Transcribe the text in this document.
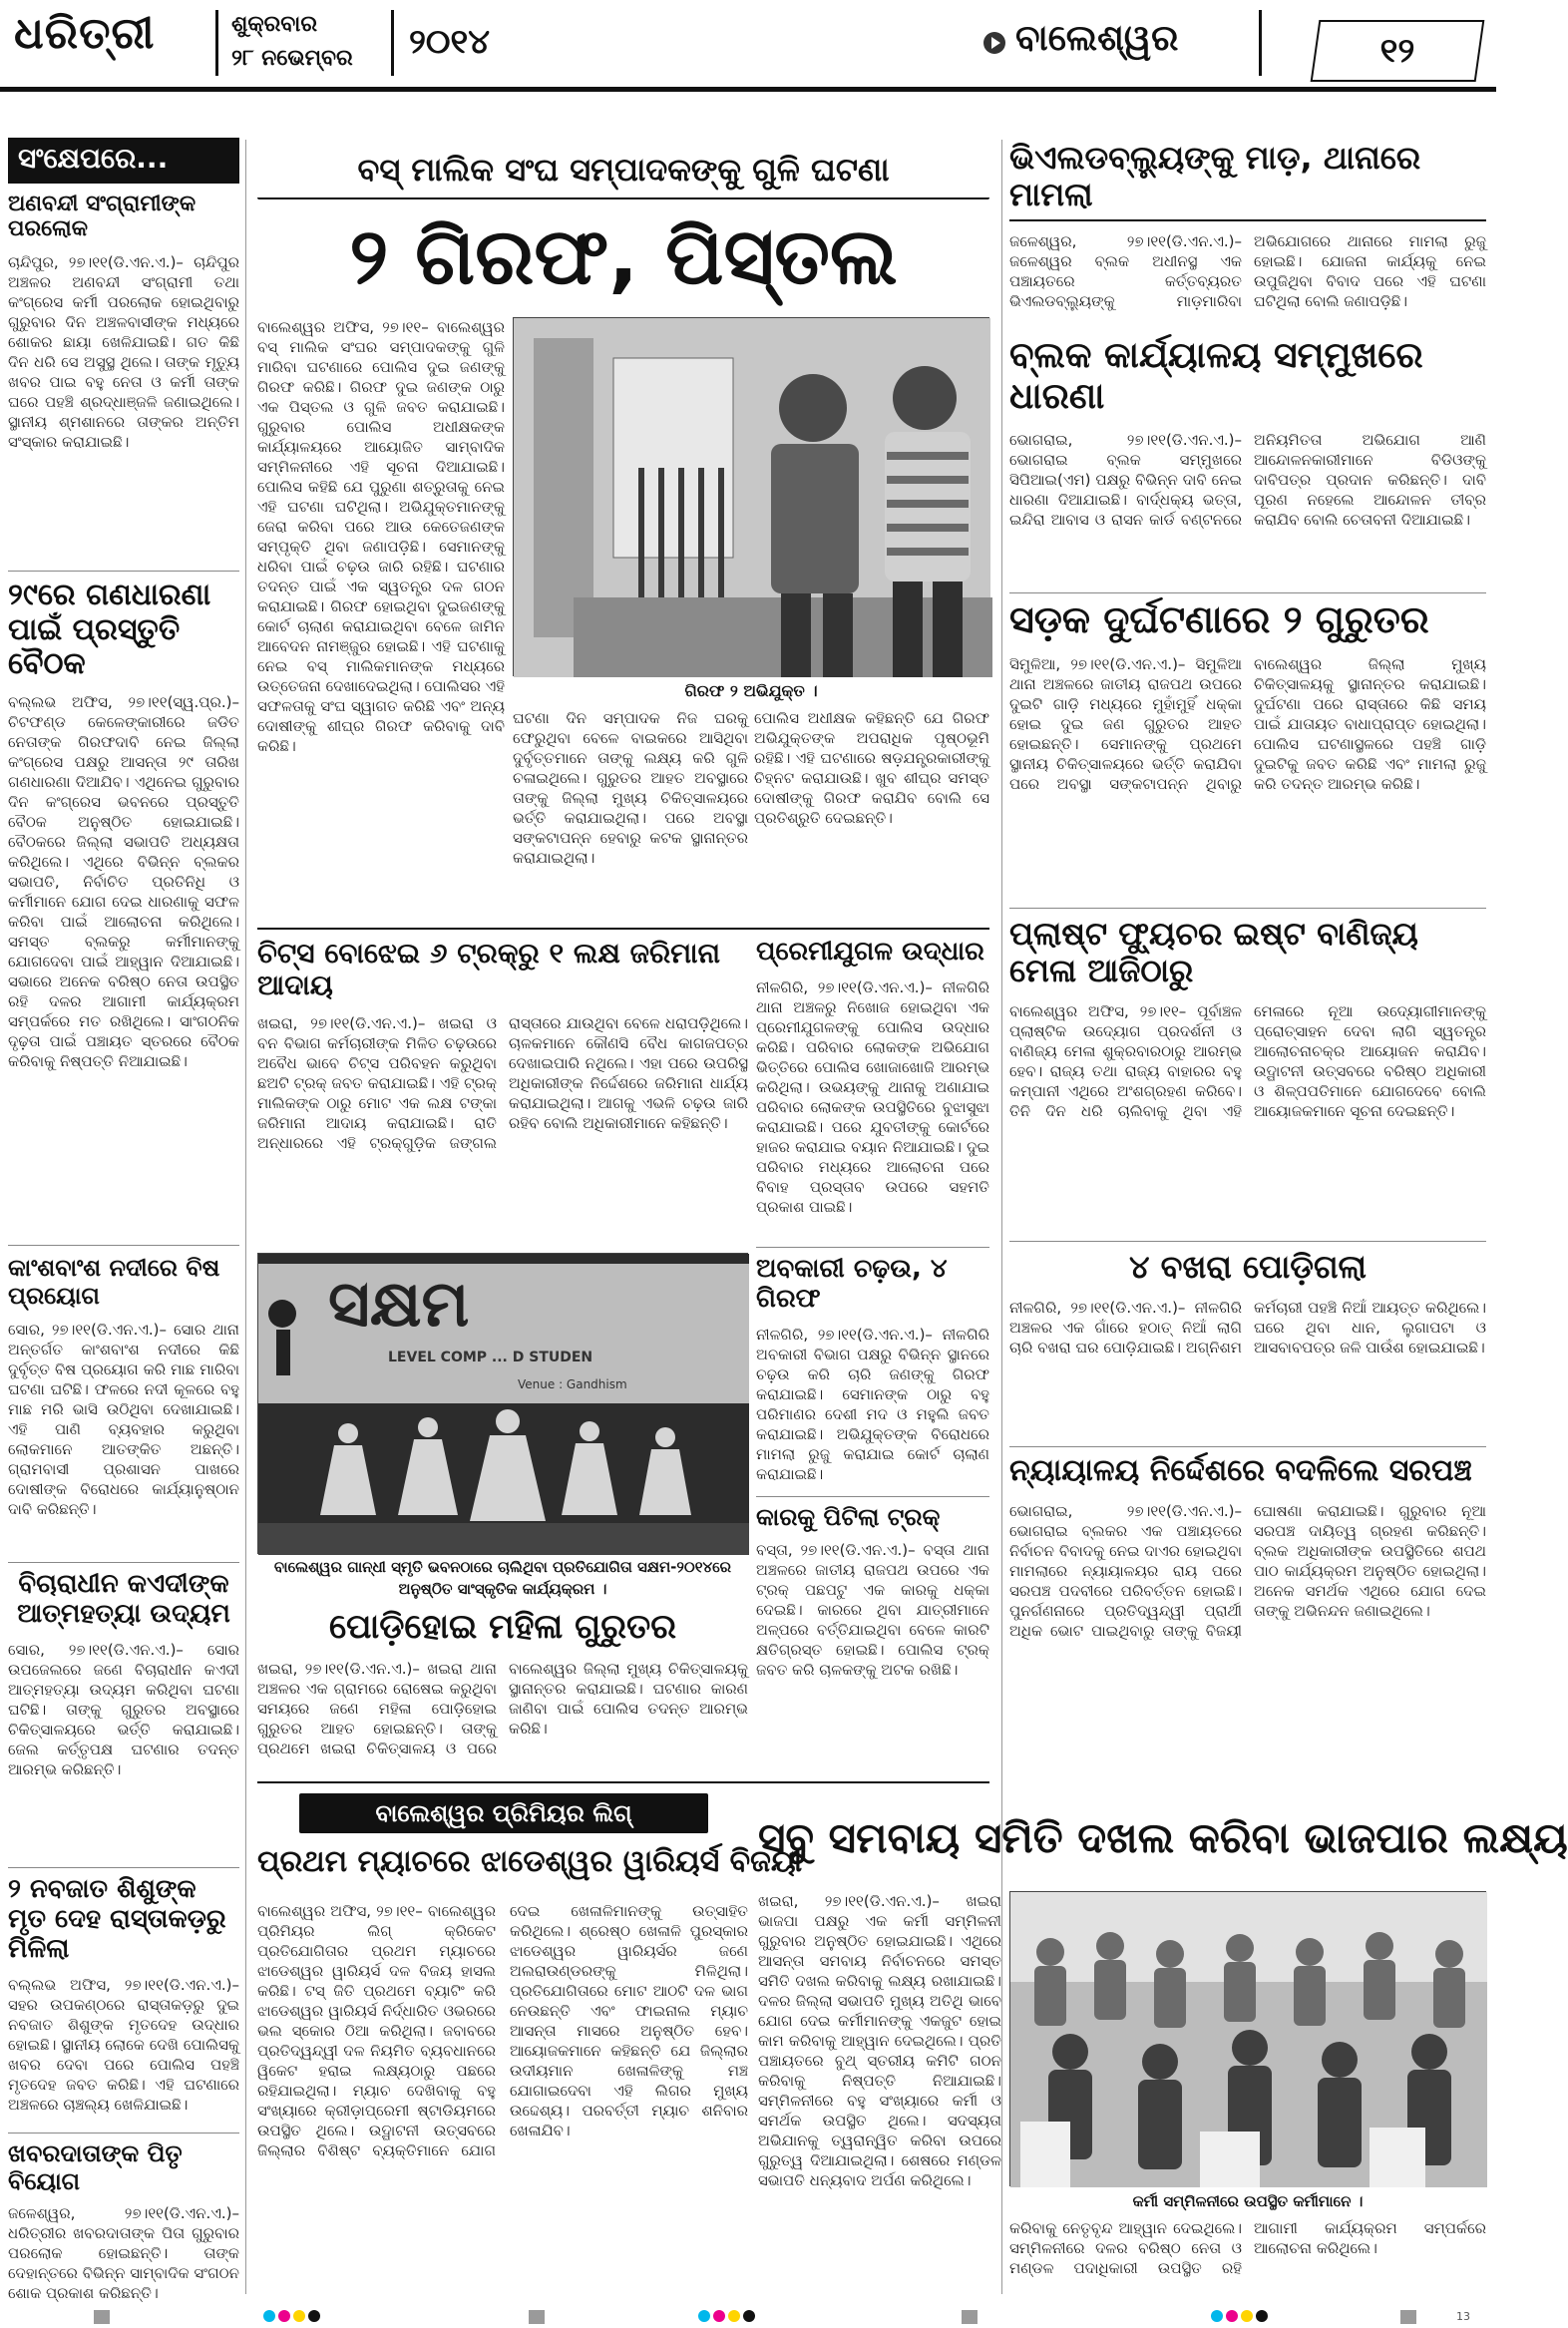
ଧରିତ୍ରୀ	ଶୁକ୍ରବାର
୨୮ ନଭେମ୍ବର ୨୦୧୪	ବାଲେଶ୍ୱର	୧୨
ସଂକ୍ଷେପରେ...
ଅଣବନ୍ଦୀ ସଂଗ୍ରାମୀଙ୍କ ପରଲୋକ
ଚାନ୍ଦିପୁର, ୨୭।୧୧(ଡି.ଏନ.ଏ.)– ଚାନ୍ଦିପୁର ଅଞ୍ଚଳର ଅଣବନ୍ଦୀ ସଂଗ୍ରାମୀ ତଥା କଂଗ୍ରେସ କର୍ମୀ ପରଲୋକ ହୋଇଥିବାରୁ ଗୁରୁବାର ଦିନ ଅଞ୍ଚଳବାସୀଙ୍କ ମଧ୍ୟରେ ଶୋକର ଛାୟା ଖେଳିଯାଇଛି। ଗତ କିଛି ଦିନ ଧରି ସେ ଅସୁସ୍ଥ ଥିଲେ। ତାଙ୍କ ମୃତ୍ୟୁ ଖବର ପାଇ ବହୁ ନେତା ଓ କର୍ମୀ ତାଙ୍କ ଘରେ ପହଞ୍ଚି ଶ୍ରଦ୍ଧାଞ୍ଜଳି ଜଣାଇଥିଲେ। ସ୍ଥାନୀୟ ଶ୍ମଶାନରେ ତାଙ୍କର ଅନ୍ତିମ ସଂସ୍କାର କରାଯାଇଛି।
୨୯ରେ ଗଣଧାରଣା ପାଇଁ ପ୍ରସ୍ତୁତି ବୈଠକ
ବଲ୍ଲଭ ଅଫିସ, ୨୭।୧୧(ସ୍ୱ.ପ୍ର.)– ଚିଟଫଣ୍ଡ କେଳେଙ୍କାରୀରେ ଜଡିତ ନେତାଙ୍କ ଗିରଫଦାବି ନେଇ ଜିଲ୍ଲା କଂଗ୍ରେସ ପକ୍ଷରୁ ଆସନ୍ତା ୨୯ ତାରିଖ ଗଣଧାରଣା ଦିଆଯିବ। ଏଥିନେଇ ଗୁରୁବାର ଦିନ କଂଗ୍ରେସ ଭବନରେ ପ୍ରସ୍ତୁତି ବୈଠକ ଅନୁଷ୍ଠିତ ହୋଇଯାଇଛି। ବୈଠକରେ ଜିଲ୍ଲା ସଭାପତି ଅଧ୍ୟକ୍ଷତା କରିଥିଲେ। ଏଥିରେ ବିଭିନ୍ନ ବ୍ଲକର ସଭାପତି, ନିର୍ବାଚିତ ପ୍ରତିନିଧି ଓ କର୍ମୀମାନେ ଯୋଗ ଦେଇ ଧାରଣାକୁ ସଫଳ କରିବା ପାଇଁ ଆଲୋଚନା କରିଥିଲେ। ସମସ୍ତ ବ୍ଲକରୁ କର୍ମୀମାନଙ୍କୁ ଯୋଗଦେବା ପାଇଁ ଆହ୍ୱାନ ଦିଆଯାଇଛି। ସଭାରେ ଅନେକ ବରିଷ୍ଠ ନେତା ଉପସ୍ଥିତ ରହି ଦଳର ଆଗାମୀ କାର୍ଯ୍ୟକ୍ରମ ସମ୍ପର୍କରେ ମତ ରଖିଥିଲେ। ସାଂଗଠନିକ ଦୃଢ଼ତା ପାଇଁ ପଞ୍ଚାୟତ ସ୍ତରରେ ବୈଠକ କରିବାକୁ ନିଷ୍ପତ୍ତି ନିଆଯାଇଛି।
କାଂଶବାଂଶ ନଦୀରେ ବିଷ ପ୍ରୟୋଗ
ସୋର, ୨୭।୧୧(ଡି.ଏନ.ଏ.)– ସୋର ଥାନା ଅନ୍ତର୍ଗତ କାଂଶବାଂଶ ନଦୀରେ କିଛି ଦୁର୍ବୃତ୍ତ ବିଷ ପ୍ରୟୋଗ କରି ମାଛ ମାରିବା ଘଟଣା ଘଟିଛି। ଫଳରେ ନଦୀ କୂଳରେ ବହୁ ମାଛ ମରି ଭାସି ଉଠିଥିବା ଦେଖାଯାଇଛି। ଏହି ପାଣି ବ୍ୟବହାର କରୁଥିବା ଲୋକମାନେ ଆତଙ୍କିତ ଅଛନ୍ତି। ଗ୍ରାମବାସୀ ପ୍ରଶାସନ ପାଖରେ ଦୋଷୀଙ୍କ ବିରୋଧରେ କାର୍ଯ୍ୟାନୁଷ୍ଠାନ ଦାବି କରିଛନ୍ତି।
ବିଚାରାଧୀନ କଏଦୀଙ୍କ ଆତ୍ମହତ୍ୟା ଉଦ୍ୟମ
ସୋର, ୨୭।୧୧(ଡି.ଏନ.ଏ.)– ସୋର ଉପଜେଲରେ ଜଣେ ବିଚାରାଧୀନ କଏଦୀ ଆତ୍ମହତ୍ୟା ଉଦ୍ୟମ କରିଥିବା ଘଟଣା ଘଟିଛି। ତାଙ୍କୁ ଗୁରୁତର ଅବସ୍ଥାରେ ଚିକିତ୍ସାଳୟରେ ଭର୍ତ୍ତି କରାଯାଇଛି। ଜେଲ କର୍ତ୍ତୃପକ୍ଷ ଘଟଣାର ତଦନ୍ତ ଆରମ୍ଭ କରିଛନ୍ତି।
୨ ନବଜାତ ଶିଶୁଙ୍କ ମୃତ ଦେହ ରାସ୍ତାକଡ଼ରୁ ମିଳିଲା
ବଲ୍ଲଭ ଅଫିସ, ୨୭।୧୧(ଡି.ଏନ.ଏ.)– ସହର ଉପକଣ୍ଠରେ ରାସ୍ତାକଡ଼ରୁ ଦୁଇ ନବଜାତ ଶିଶୁଙ୍କ ମୃତଦେହ ଉଦ୍ଧାର ହୋଇଛି। ସ୍ଥାନୀୟ ଲୋକେ ଦେଖି ପୋଲିସକୁ ଖବର ଦେବା ପରେ ପୋଲିସ ପହଞ୍ଚି ମୃତଦେହ ଜବତ କରିଛି। ଏହି ଘଟଣାରେ ଅଞ୍ଚଳରେ ଚାଞ୍ଚଲ୍ୟ ଖେଳିଯାଇଛି।
ଖବରଦାତାଙ୍କ ପିତୃ ବିୟୋଗ
ଜଳେଶ୍ୱର, ୨୭।୧୧(ଡି.ଏନ.ଏ.)– ଧରିତ୍ରୀର ଖବରଦାତାଙ୍କ ପିତା ଗୁରୁବାର ପରଲୋକ ହୋଇଛନ୍ତି। ତାଙ୍କ ଦେହାନ୍ତରେ ବିଭିନ୍ନ ସାମ୍ବାଦିକ ସଂଗଠନ ଶୋକ ପ୍ରକାଶ କରିଛନ୍ତି।
ବସ୍ ମାଲିକ ସଂଘ ସମ୍ପାଦକଙ୍କୁ ଗୁଳି ଘଟଣା
୨ ଗିରଫ, ପିସ୍ତଲ
ବାଲେଶ୍ୱର ଅଫିସ, ୨୭।୧୧– ବାଲେଶ୍ୱର ବସ୍ ମାଲିକ ସଂଘର ସମ୍ପାଦକଙ୍କୁ ଗୁଳି ମାରିବା ଘଟଣାରେ ପୋଲିସ ଦୁଇ ଜଣଙ୍କୁ ଗିରଫ କରିଛି। ଗିରଫ ଦୁଇ ଜଣଙ୍କ ଠାରୁ ଏକ ପିସ୍ତଲ ଓ ଗୁଳି ଜବତ କରାଯାଇଛି। ଗୁରୁବାର ପୋଲିସ ଅଧୀକ୍ଷକଙ୍କ କାର୍ଯ୍ୟାଳୟରେ ଆୟୋଜିତ ସାମ୍ବାଦିକ ସମ୍ମିଳନୀରେ ଏହି ସୂଚନା ଦିଆଯାଇଛି। ପୋଲିସ କହିଛି ଯେ ପୁରୁଣା ଶତ୍ରୁତାକୁ ନେଇ ଏହି ଘଟଣା ଘଟିଥିଲା। ଅଭିଯୁକ୍ତମାନଙ୍କୁ ଜେରା କରିବା ପରେ ଆଉ କେତେଜଣଙ୍କ ସମ୍ପୃକ୍ତି ଥିବା ଜଣାପଡ଼ିଛି। ସେମାନଙ୍କୁ ଧରିବା ପାଇଁ ଚଢ଼ଉ ଜାରି ରହିଛି। ଘଟଣାର ତଦନ୍ତ ପାଇଁ ଏକ ସ୍ୱତନ୍ତ୍ର ଦଳ ଗଠନ କରାଯାଇଛି। ଗିରଫ ହୋଇଥିବା ଦୁଇଜଣଙ୍କୁ କୋର୍ଟ ଚାଲାଣ କରାଯାଇଥିବା ବେଳେ ଜାମିନ ଆବେଦନ ନାମଞ୍ଜୁର ହୋଇଛି। ଏହି ଘଟଣାକୁ ନେଇ ବସ୍ ମାଲିକମାନଙ୍କ ମଧ୍ୟରେ ଉତ୍ତେଜନା ଦେଖାଦେଇଥିଲା। ପୋଲିସର ଏହି ସଫଳତାକୁ ସଂଘ ସ୍ୱାଗତ କରିଛି ଏବଂ ଅନ୍ୟ ଦୋଷୀଙ୍କୁ ଶୀଘ୍ର ଗିରଫ କରିବାକୁ ଦାବି କରିଛି।
ଗିରଫ ୨ ଅଭିଯୁକ୍ତ ।
ଘଟଣା ଦିନ ସମ୍ପାଦକ ନିଜ ଘରକୁ ଫେରୁଥିବା ବେଳେ ବାଇକରେ ଆସିଥିବା ଦୁର୍ବୃତ୍ତମାନେ ତାଙ୍କୁ ଲକ୍ଷ୍ୟ କରି ଗୁଳି ଚଳାଇଥିଲେ। ଗୁରୁତର ଆହତ ଅବସ୍ଥାରେ ତାଙ୍କୁ ଜିଲ୍ଲା ମୁଖ୍ୟ ଚିକିତ୍ସାଳୟରେ ଭର୍ତ୍ତି କରାଯାଇଥିଲା। ପରେ ଅବସ୍ଥା ସଙ୍କଟାପନ୍ନ ହେବାରୁ କଟକ ସ୍ଥାନାନ୍ତର କରାଯାଇଥିଲା।
ପୋଲିସ ଅଧୀକ୍ଷକ କହିଛନ୍ତି ଯେ ଗିରଫ ଅଭିଯୁକ୍ତଙ୍କ ଅପରାଧିକ ପୃଷ୍ଠଭୂମି ରହିଛି। ଏହି ଘଟଣାରେ ଷଡ଼ଯନ୍ତ୍ରକାରୀଙ୍କୁ ଚିହ୍ନଟ କରାଯାଉଛି। ଖୁବ ଶୀଘ୍ର ସମସ୍ତ ଦୋଷୀଙ୍କୁ ଗିରଫ କରାଯିବ ବୋଲି ସେ ପ୍ରତିଶ୍ରୁତି ଦେଇଛନ୍ତି।
ଚିଟ୍ସ ବୋଝେଇ ୬ ଟ୍ରକ୍‌ରୁ ୧ ଲକ୍ଷ ଜରିମାନା ଆଦାୟ
ଖଇରା, ୨୭।୧୧(ଡି.ଏନ.ଏ.)– ଖଇରା ଓ ବନ ବିଭାଗ କର୍ମଚାରୀଙ୍କ ମିଳିତ ଚଢ଼ଉରେ ଅବୈଧ ଭାବେ ଚିଟ୍ସ ପରିବହନ କରୁଥିବା ଛଅଟି ଟ୍ରକ୍ ଜବତ କରାଯାଇଛି। ଏହି ଟ୍ରକ୍ ମାଲିକଙ୍କ ଠାରୁ ମୋଟ ଏକ ଲକ୍ଷ ଟଙ୍କା ଜରିମାନା ଆଦାୟ କରାଯାଇଛି। ରାତି ଅନ୍ଧାରରେ ଏହି ଟ୍ରକ୍‌ଗୁଡ଼ିକ ଜଙ୍ଗଲ ରାସ୍ତାରେ ଯାଉଥିବା ବେଳେ ଧରାପଡ଼ିଥିଲେ। ଚାଳକମାନେ କୌଣସି ବୈଧ କାଗଜପତ୍ର ଦେଖାଇପାରି ନଥିଲେ। ଏହା ପରେ ଉପରିସ୍ଥ ଅଧିକାରୀଙ୍କ ନିର୍ଦ୍ଦେଶରେ ଜରିମାନା ଧାର୍ଯ୍ୟ କରାଯାଇଥିଲା। ଆଗକୁ ଏଭଳି ଚଢ଼ଉ ଜାରି ରହିବ ବୋଲି ଅଧିକାରୀମାନେ କହିଛନ୍ତି।
ସକ୍ଷମ
LEVEL COMP ... D STUDEN
Venue : Gandhism
ବାଲେଶ୍ୱର ଗାନ୍ଧୀ ସ୍ମୃତି ଭବନଠାରେ ଚାଲିଥିବା ପ୍ରତିଯୋଗିତା ସକ୍ଷମ-୨୦୧୪ରେ ଅନୁଷ୍ଠିତ ସାଂସ୍କୃତିକ କାର୍ଯ୍ୟକ୍ରମ ।
ପ୍ରେମୀଯୁଗଳ ଉଦ୍ଧାର
ନୀଳଗିରି, ୨୭।୧୧(ଡି.ଏନ.ଏ.)– ନୀଳଗିରି ଥାନା ଅଞ୍ଚଳରୁ ନିଖୋଜ ହୋଇଥିବା ଏକ ପ୍ରେମୀଯୁଗଳଙ୍କୁ ପୋଲିସ ଉଦ୍ଧାର କରିଛି। ପରିବାର ଲୋକଙ୍କ ଅଭିଯୋଗ ଭିତ୍ତିରେ ପୋଲିସ ଖୋଜାଖୋଜି ଆରମ୍ଭ କରିଥିଲା। ଉଭୟଙ୍କୁ ଥାନାକୁ ଅଣାଯାଇ ପରିବାର ଲୋକଙ୍କ ଉପସ୍ଥିତିରେ ବୁଝାସୁଝା କରାଯାଇଛି। ପରେ ଯୁବତୀଙ୍କୁ କୋର୍ଟରେ ହାଜର କରାଯାଇ ବୟାନ ନିଆଯାଇଛି। ଦୁଇ ପରିବାର ମଧ୍ୟରେ ଆଲୋଚନା ପରେ ବିବାହ ପ୍ରସ୍ତାବ ଉପରେ ସହମତି ପ୍ରକାଶ ପାଇଛି।
ଅବକାରୀ ଚଢ଼ଉ, ୪ ଗିରଫ
ନୀଳଗିରି, ୨୭।୧୧(ଡି.ଏନ.ଏ.)– ନୀଳଗିରି ଅବକାରୀ ବିଭାଗ ପକ୍ଷରୁ ବିଭିନ୍ନ ସ୍ଥାନରେ ଚଢ଼ଉ କରି ଚାରି ଜଣଙ୍କୁ ଗିରଫ କରାଯାଇଛି। ସେମାନଙ୍କ ଠାରୁ ବହୁ ପରିମାଣର ଦେଶୀ ମଦ ଓ ମହୁଲି ଜବତ କରାଯାଇଛି। ଅଭିଯୁକ୍ତଙ୍କ ବିରୋଧରେ ମାମଲା ରୁଜୁ କରାଯାଇ କୋର୍ଟ ଚାଲାଣ କରାଯାଇଛି।
କାରକୁ ପିଟିଲା ଟ୍ରକ୍
ବସ୍ତା, ୨୭।୧୧(ଡି.ଏନ.ଏ.)– ବସ୍ତା ଥାନା ଅଞ୍ଚଳରେ ଜାତୀୟ ରାଜପଥ ଉପରେ ଏକ ଟ୍ରକ୍ ପଛପଟୁ ଏକ କାରକୁ ଧକ୍କା ଦେଇଛି। କାରରେ ଥିବା ଯାତ୍ରୀମାନେ ଅଳ୍ପରେ ବର୍ତ୍ତିଯାଇଥିବା ବେଳେ କାରଟି କ୍ଷତିଗ୍ରସ୍ତ ହୋଇଛି। ପୋଲିସ ଟ୍ରକ୍ ଜବତ କରି ଚାଳକଙ୍କୁ ଅଟକ ରଖିଛି।
ପୋଡ଼ିହୋଇ ମହିଳା ଗୁରୁତର
ଖଇରା, ୨୭।୧୧(ଡି.ଏନ.ଏ.)– ଖଇରା ଥାନା ଅଞ୍ଚଳର ଏକ ଗ୍ରାମରେ ରୋଷେଇ କରୁଥିବା ସମୟରେ ଜଣେ ମହିଳା ପୋଡ଼ିହୋଇ ଗୁରୁତର ଆହତ ହୋଇଛନ୍ତି। ତାଙ୍କୁ ପ୍ରଥମେ ଖଇରା ଚିକିତ୍ସାଳୟ ଓ ପରେ ବାଲେଶ୍ୱର ଜିଲ୍ଲା ମୁଖ୍ୟ ଚିକିତ୍ସାଳୟକୁ ସ୍ଥାନାନ୍ତର କରାଯାଇଛି। ଘଟଣାର କାରଣ ଜାଣିବା ପାଇଁ ପୋଲିସ ତଦନ୍ତ ଆରମ୍ଭ କରିଛି।
ବାଲେଶ୍ୱର ପ୍ରିମିୟର ଲିଗ୍
ପ୍ରଥମ ମ୍ୟାଚରେ ଝାଡେଶ୍ୱର ୱାରିୟର୍ସ ବିଜୟୀ
ବାଲେଶ୍ୱର ଅଫିସ, ୨୭।୧୧– ବାଲେଶ୍ୱର ପ୍ରିମିୟର ଲିଗ୍ କ୍ରିକେଟ ପ୍ରତିଯୋଗିତାର ପ୍ରଥମ ମ୍ୟାଚରେ ଝାଡେଶ୍ୱର ୱାରିୟର୍ସ ଦଳ ବିଜୟ ହାସଲ କରିଛି। ଟସ୍ ଜିତି ପ୍ରଥମେ ବ୍ୟାଟିଂ କରି ଝାଡେଶ୍ୱର ୱାରିୟର୍ସ ନିର୍ଦ୍ଧାରିତ ଓଭରରେ ଭଲ ସ୍କୋର ଠିଆ କରିଥିଲା। ଜବାବରେ ପ୍ରତିଦ୍ୱନ୍ଦ୍ୱୀ ଦଳ ନିୟମିତ ବ୍ୟବଧାନରେ ୱିକେଟ ହରାଇ ଲକ୍ଷ୍ୟଠାରୁ ପଛରେ ରହିଯାଇଥିଲା। ମ୍ୟାଚ ଦେଖିବାକୁ ବହୁ ସଂଖ୍ୟାରେ କ୍ରୀଡ଼ାପ୍ରେମୀ ଷ୍ଟାଡିୟମରେ ଉପସ୍ଥିତ ଥିଲେ। ଉଦ୍ଘାଟନୀ ଉତ୍ସବରେ ଜିଲ୍ଲାର ବିଶିଷ୍ଟ ବ୍ୟକ୍ତିମାନେ ଯୋଗ ଦେଇ ଖେଳାଳିମାନଙ୍କୁ ଉତ୍ସାହିତ କରିଥିଲେ। ଶ୍ରେଷ୍ଠ ଖେଳାଳି ପୁରସ୍କାର ଝାଡେଶ୍ୱର ୱାରିୟର୍ସର ଜଣେ ଅଲରାଉଣ୍ଡରଙ୍କୁ ମିଳିଥିଲା। ପ୍ରତିଯୋଗିତାରେ ମୋଟ ଆଠଟି ଦଳ ଭାଗ ନେଉଛନ୍ତି ଏବଂ ଫାଇନାଲ ମ୍ୟାଚ ଆସନ୍ତା ମାସରେ ଅନୁଷ୍ଠିତ ହେବ। ଆୟୋଜକମାନେ କହିଛନ୍ତି ଯେ ଜିଲ୍ଲାର ଉଦୀୟମାନ ଖେଳାଳିଙ୍କୁ ମଞ୍ଚ ଯୋଗାଇଦେବା ଏହି ଲିଗର ମୁଖ୍ୟ ଉଦ୍ଦେଶ୍ୟ। ପରବର୍ତ୍ତୀ ମ୍ୟାଚ ଶନିବାର ଖେଳାଯିବ।
ଭିଏଲଡବ୍ଲ୍ୟୁଙ୍କୁ ମାଡ଼, ଥାନାରେ ମାମଲା
ଜଳେଶ୍ୱର, ୨୭।୧୧(ଡି.ଏନ.ଏ.)– ଜଳେଶ୍ୱର ବ୍ଲକ ଅଧୀନସ୍ଥ ଏକ ପଞ୍ଚାୟତରେ କର୍ତ୍ତବ୍ୟରତ ଭିଏଲଡବ୍ଲ୍ୟୁଙ୍କୁ ମାଡ଼ମାରିବା ଅଭିଯୋଗରେ ଥାନାରେ ମାମଲା ରୁଜୁ ହୋଇଛି। ଯୋଜନା କାର୍ଯ୍ୟକୁ ନେଇ ଉପୁଜିଥିବା ବିବାଦ ପରେ ଏହି ଘଟଣା ଘଟିଥିଲା ବୋଲି ଜଣାପଡ଼ିଛି।
ବ୍ଲକ କାର୍ଯ୍ୟାଳୟ ସମ୍ମୁଖରେ ଧାରଣା
ଭୋଗରାଇ, ୨୭।୧୧(ଡି.ଏନ.ଏ.)– ଭୋଗରାଇ ବ୍ଲକ ସମ୍ମୁଖରେ ସିପିଆଇ(ଏମ) ପକ୍ଷରୁ ବିଭିନ୍ନ ଦାବି ନେଇ ଧାରଣା ଦିଆଯାଇଛି। ବାର୍ଦ୍ଧକ୍ୟ ଭତ୍ତା, ଇନ୍ଦିରା ଆବାସ ଓ ରାସନ କାର୍ଡ ବଣ୍ଟନରେ ଅନିୟମିତତା ଅଭିଯୋଗ ଆଣି ଆନ୍ଦୋଳନକାରୀମାନେ ବିଡିଓଙ୍କୁ ଦାବିପତ୍ର ପ୍ରଦାନ କରିଛନ୍ତି। ଦାବି ପୂରଣ ନହେଲେ ଆନ୍ଦୋଳନ ତୀବ୍ର କରାଯିବ ବୋଲି ଚେତାବନୀ ଦିଆଯାଇଛି।
ସଡ଼କ ଦୁର୍ଘଟଣାରେ ୨ ଗୁରୁତର
ସିମୁଳିଆ, ୨୭।୧୧(ଡି.ଏନ.ଏ.)– ସିମୁଳିଆ ଥାନା ଅଞ୍ଚଳରେ ଜାତୀୟ ରାଜପଥ ଉପରେ ଦୁଇଟି ଗାଡ଼ି ମଧ୍ୟରେ ମୁହାଁମୁହିଁ ଧକ୍କା ହୋଇ ଦୁଇ ଜଣ ଗୁରୁତର ଆହତ ହୋଇଛନ୍ତି। ସେମାନଙ୍କୁ ପ୍ରଥମେ ସ୍ଥାନୀୟ ଚିକିତ୍ସାଳୟରେ ଭର୍ତ୍ତି କରାଯିବା ପରେ ଅବସ୍ଥା ସଙ୍କଟାପନ୍ନ ଥିବାରୁ ବାଲେଶ୍ୱର ଜିଲ୍ଲା ମୁଖ୍ୟ ଚିକିତ୍ସାଳୟକୁ ସ୍ଥାନାନ୍ତର କରାଯାଇଛି। ଦୁର୍ଘଟଣା ପରେ ରାସ୍ତାରେ କିଛି ସମୟ ପାଇଁ ଯାତାୟତ ବାଧାପ୍ରାପ୍ତ ହୋଇଥିଲା। ପୋଲିସ ଘଟଣାସ୍ଥଳରେ ପହଞ୍ଚି ଗାଡ଼ି ଦୁଇଟିକୁ ଜବତ କରିଛି ଏବଂ ମାମଲା ରୁଜୁ କରି ତଦନ୍ତ ଆରମ୍ଭ କରିଛି।
ପ୍ଲାଷ୍ଟ ଫ୍ୟୁଚର ଇଷ୍ଟ ବାଣିଜ୍ୟ ମେଳା ଆଜିଠାରୁ
ବାଲେଶ୍ୱର ଅଫିସ, ୨୭।୧୧– ପୂର୍ବାଞ୍ଚଳ ପ୍ଲାଷ୍ଟିକ ଉଦ୍ୟୋଗ ପ୍ରଦର୍ଶନୀ ଓ ବାଣିଜ୍ୟ ମେଳା ଶୁକ୍ରବାରଠାରୁ ଆରମ୍ଭ ହେବ। ରାଜ୍ୟ ତଥା ରାଜ୍ୟ ବାହାରର ବହୁ କମ୍ପାନୀ ଏଥିରେ ଅଂଶଗ୍ରହଣ କରିବେ। ତିନି ଦିନ ଧରି ଚାଲିବାକୁ ଥିବା ଏହି ମେଳାରେ ନୂଆ ଉଦ୍ୟୋଗୀମାନଙ୍କୁ ପ୍ରୋତ୍ସାହନ ଦେବା ଲାଗି ସ୍ୱତନ୍ତ୍ର ଆଲୋଚନାଚକ୍ର ଆୟୋଜନ କରାଯିବ। ଉଦ୍ଘାଟନୀ ଉତ୍ସବରେ ବରିଷ୍ଠ ଅଧିକାରୀ ଓ ଶିଳ୍ପପତିମାନେ ଯୋଗଦେବେ ବୋଲି ଆୟୋଜକମାନେ ସୂଚନା ଦେଇଛନ୍ତି।
୪ ବଖରା ପୋଡ଼ିଗଲା
ନୀଳଗିରି, ୨୭।୧୧(ଡି.ଏନ.ଏ.)– ନୀଳଗିରି ଅଞ୍ଚଳର ଏକ ଗାଁରେ ହଠାତ୍ ନିଆଁ ଲାଗି ଚାରି ବଖରା ଘର ପୋଡ଼ିଯାଇଛି। ଅଗ୍ନିଶମ କର୍ମଚାରୀ ପହଞ୍ଚି ନିଆଁ ଆୟତ୍ତ କରିଥିଲେ। ଘରେ ଥିବା ଧାନ, ଲୁଗାପଟା ଓ ଆସବାବପତ୍ର ଜଳି ପାଉଁଶ ହୋଇଯାଇଛି।
ନ୍ୟାୟାଳୟ ନିର୍ଦ୍ଦେଶରେ ବଦଳିଲେ ସରପଞ୍ଚ
ଭୋଗରାଇ, ୨୭।୧୧(ଡି.ଏନ.ଏ.)– ଭୋଗରାଇ ବ୍ଲକର ଏକ ପଞ୍ଚାୟତରେ ନିର୍ବାଚନ ବିବାଦକୁ ନେଇ ଦାଏର ହୋଇଥିବା ମାମଲାରେ ନ୍ୟାୟାଳୟର ରାୟ ପରେ ସରପଞ୍ଚ ପଦବୀରେ ପରିବର୍ତ୍ତନ ହୋଇଛି। ପୁନର୍ଗଣନାରେ ପ୍ରତିଦ୍ୱନ୍ଦ୍ୱୀ ପ୍ରାର୍ଥୀ ଅଧିକ ଭୋଟ ପାଇଥିବାରୁ ତାଙ୍କୁ ବିଜୟୀ ଘୋଷଣା କରାଯାଇଛି। ଗୁରୁବାର ନୂଆ ସରପଞ୍ଚ ଦାୟିତ୍ୱ ଗ୍ରହଣ କରିଛନ୍ତି। ବ୍ଲକ ଅଧିକାରୀଙ୍କ ଉପସ୍ଥିତିରେ ଶପଥ ପାଠ କାର୍ଯ୍ୟକ୍ରମ ଅନୁଷ୍ଠିତ ହୋଇଥିଲା। ଅନେକ ସମର୍ଥକ ଏଥିରେ ଯୋଗ ଦେଇ ତାଙ୍କୁ ଅଭିନନ୍ଦନ ଜଣାଇଥିଲେ।
ସବୁ ସମବାୟ ସମିତି ଦଖଲ କରିବା ଭାଜପାର ଲକ୍ଷ୍ୟ
ଖଇରା, ୨୭।୧୧(ଡି.ଏନ.ଏ.)– ଖଇରା ଭାଜପା ପକ୍ଷରୁ ଏକ କର୍ମୀ ସମ୍ମିଳନୀ ଗୁରୁବାର ଅନୁଷ୍ଠିତ ହୋଇଯାଇଛି। ଏଥିରେ ଆସନ୍ତା ସମବାୟ ନିର୍ବାଚନରେ ସମସ୍ତ ସମିତି ଦଖଲ କରିବାକୁ ଲକ୍ଷ୍ୟ ରଖାଯାଇଛି। ଦଳର ଜିଲ୍ଲା ସଭାପତି ମୁଖ୍ୟ ଅତିଥି ଭାବେ ଯୋଗ ଦେଇ କର୍ମୀମାନଙ୍କୁ ଏକଜୁଟ ହୋଇ କାମ କରିବାକୁ ଆହ୍ୱାନ ଦେଇଥିଲେ। ପ୍ରତି ପଞ୍ଚାୟତରେ ବୁଥ୍ ସ୍ତରୀୟ କମିଟି ଗଠନ କରିବାକୁ ନିଷ୍ପତ୍ତି ନିଆଯାଇଛି। ସମ୍ମିଳନୀରେ ବହୁ ସଂଖ୍ୟାରେ କର୍ମୀ ଓ ସମର୍ଥକ ଉପସ୍ଥିତ ଥିଲେ। ସଦସ୍ୟତା ଅଭିଯାନକୁ ତ୍ୱରାନ୍ୱିତ କରିବା ଉପରେ ଗୁରୁତ୍ୱ ଦିଆଯାଇଥିଲା। ଶେଷରେ ମଣ୍ଡଳ ସଭାପତି ଧନ୍ୟବାଦ ଅର୍ପଣ କରିଥିଲେ।
କର୍ମୀ ସମ୍ମିଳନୀରେ ଉପସ୍ଥିତ କର୍ମୀମାନେ ।
କରିବାକୁ ନେତୃବୃନ୍ଦ ଆହ୍ୱାନ ଦେଇଥିଲେ। ସମ୍ମିଳନୀରେ ଦଳର ବରିଷ୍ଠ ନେତା ଓ ମଣ୍ଡଳ ପଦାଧିକାରୀ ଉପସ୍ଥିତ ରହି ଆଗାମୀ କାର୍ଯ୍ୟକ୍ରମ ସମ୍ପର୍କରେ ଆଲୋଚନା କରିଥିଲେ।
13
